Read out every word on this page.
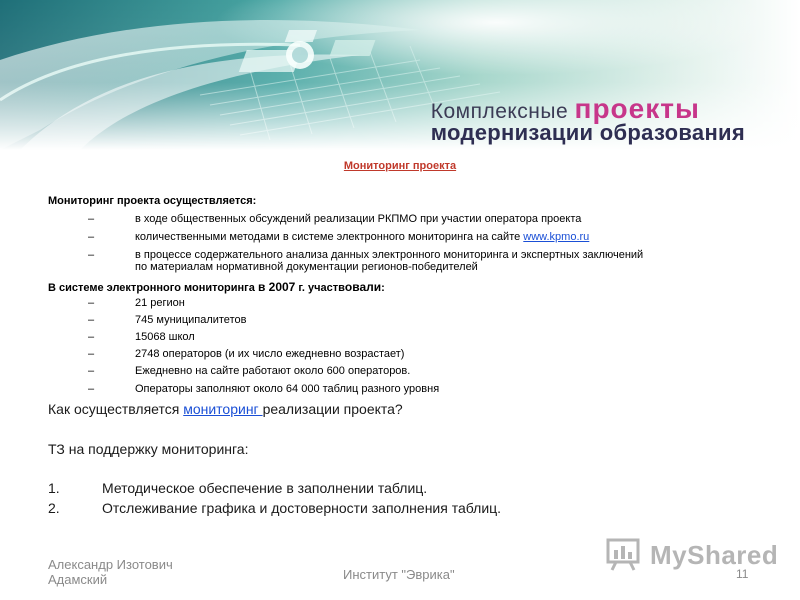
Комплексные проекты
модернизации образования
Мониторинг проекта
Мониторинг проекта осуществляется:
–	в ходе общественных обсуждений реализации РКПМО при участии оператора проекта
–	количественными методами в системе электронного мониторинга на сайте www.kpmo.ru
–	в процессе содержательного анализа данных электронного мониторинга и экспертных заключений
по материалам нормативной документации регионов-победителей
В системе электронного мониторинга в 2007 г. участвовали:
–	21 регион
–	745 муниципалитетов
–	15068 школ
–	2748 операторов (и их число ежедневно возрастает)
–	Ежедневно на сайте работают около 600 операторов.
–	Операторы заполняют около 64 000 таблиц разного уровня
Как осуществляется мониторинг реализации проекта?
ТЗ на поддержку мониторинга:
1.	Методическое обеспечение в заполнении таблиц.
2.	Отслеживание графика и достоверности заполнения таблиц.
Александр Изотович
Адамский	Институт "Эврика"	11
MyShared
